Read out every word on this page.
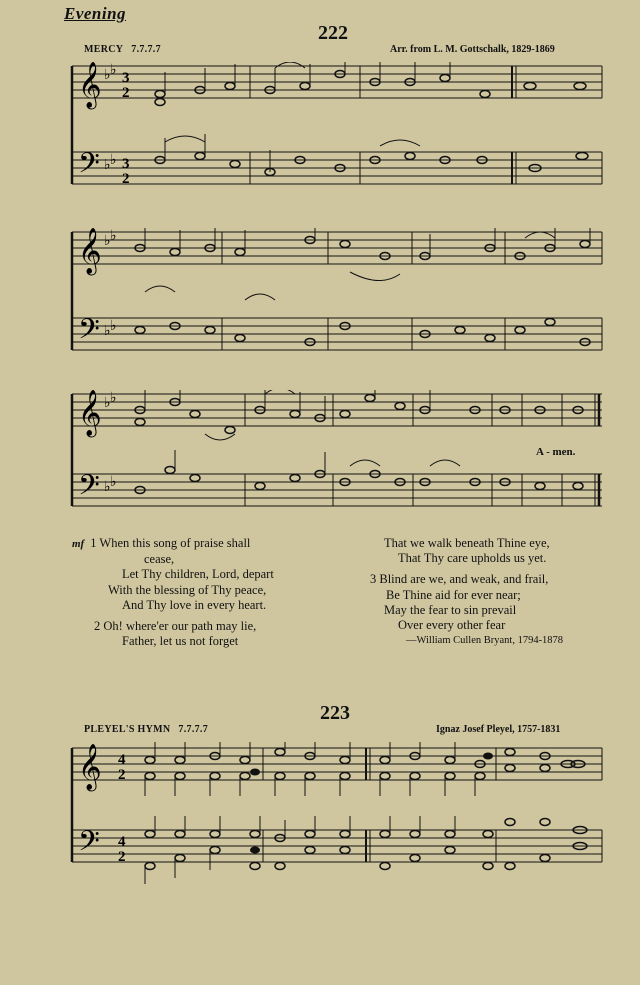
Evening
222
MERCY 7.7.7.7	Arr. from L. M. Gottschalk, 1829-1869
𝄞
𝄢
♭ ♭
♭ ♭
3
2
3
2
𝄞
𝄢
♭ ♭
♭ ♭
𝄞
𝄢
♭ ♭
♭ ♭
A - men.

mf 1 When this song of praise shall

cease,

Let Thy children, Lord, depart

With the blessing of Thy peace,

And Thy love in every heart.

2 Oh! where'er our path may lie,

Father, let us not forget

That we walk beneath Thine eye,

That Thy care upholds us yet.

3 Blind are we, and weak, and frail,

Be Thine aid for ever near;

May the fear to sin prevail

Over every other fear

—William Cullen Bryant, 1794-1878

223
PLEYEL'S HYMN 7.7.7.7	Ignaz Josef Pleyel, 1757-1831
𝄞
𝄢
4
2
4
2
